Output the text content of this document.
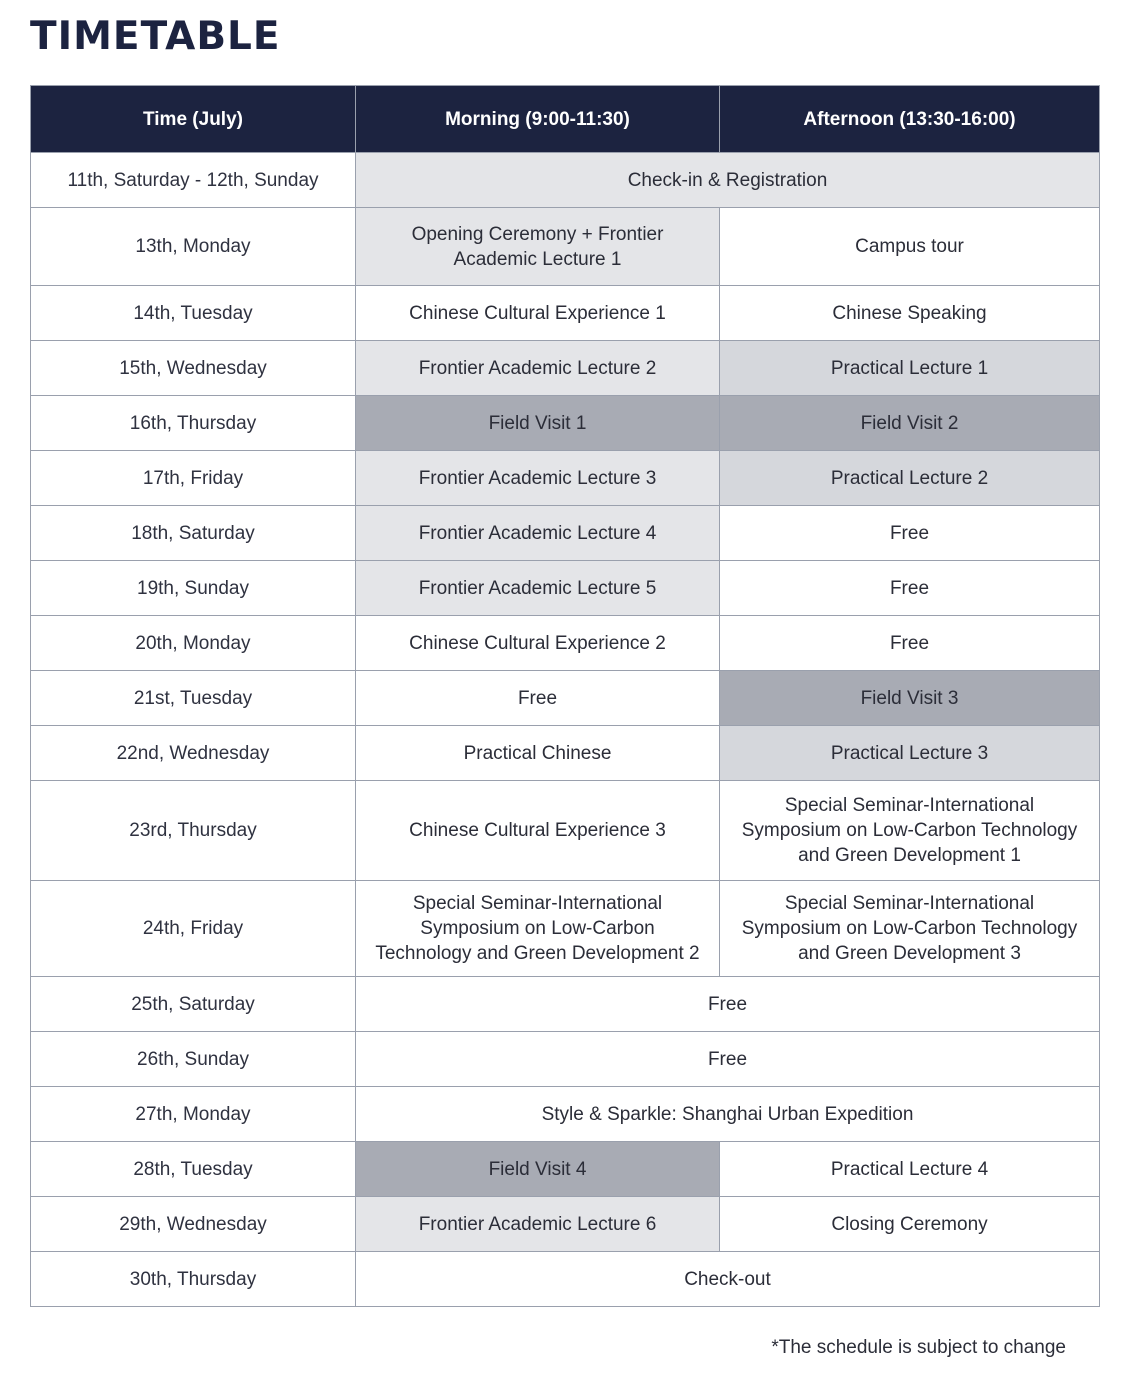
TIMETABLE
Time (July)	Morning (9:00-11:30)	Afternoon (13:30-16:00)
11th, Saturday - 12th, Sunday	Check-in & Registration	
13th, Monday	Opening Ceremony + Frontier Academic Lecture 1	Campus tour
14th, Tuesday	Chinese Cultural Experience 1	Chinese Speaking
15th, Wednesday	Frontier Academic Lecture 2	Practical Lecture 1
16th, Thursday	Field Visit 1	Field Visit 2
17th, Friday	Frontier Academic Lecture 3	Practical Lecture 2
18th, Saturday	Frontier Academic Lecture 4	Free
19th, Sunday	Frontier Academic Lecture 5	Free
20th, Monday	Chinese Cultural Experience 2	Free
21st, Tuesday	Free	Field Visit 3
22nd, Wednesday	Practical Chinese	Practical Lecture 3
23rd, Thursday	Chinese Cultural Experience 3	Special Seminar-International Symposium on Low-Carbon Technology and Green Development 1
24th, Friday	Special Seminar-International Symposium on Low-Carbon Technology and Green Development 2	Special Seminar-International Symposium on Low-Carbon Technology and Green Development 3
25th, Saturday	Free	
26th, Sunday	Free	
27th, Monday	Style & Sparkle: Shanghai Urban Expedition	
28th, Tuesday	Field Visit 4	Practical Lecture 4
29th, Wednesday	Frontier Academic Lecture 6	Closing Ceremony
30th, Thursday	Check-out	
*The schedule is subject to change
